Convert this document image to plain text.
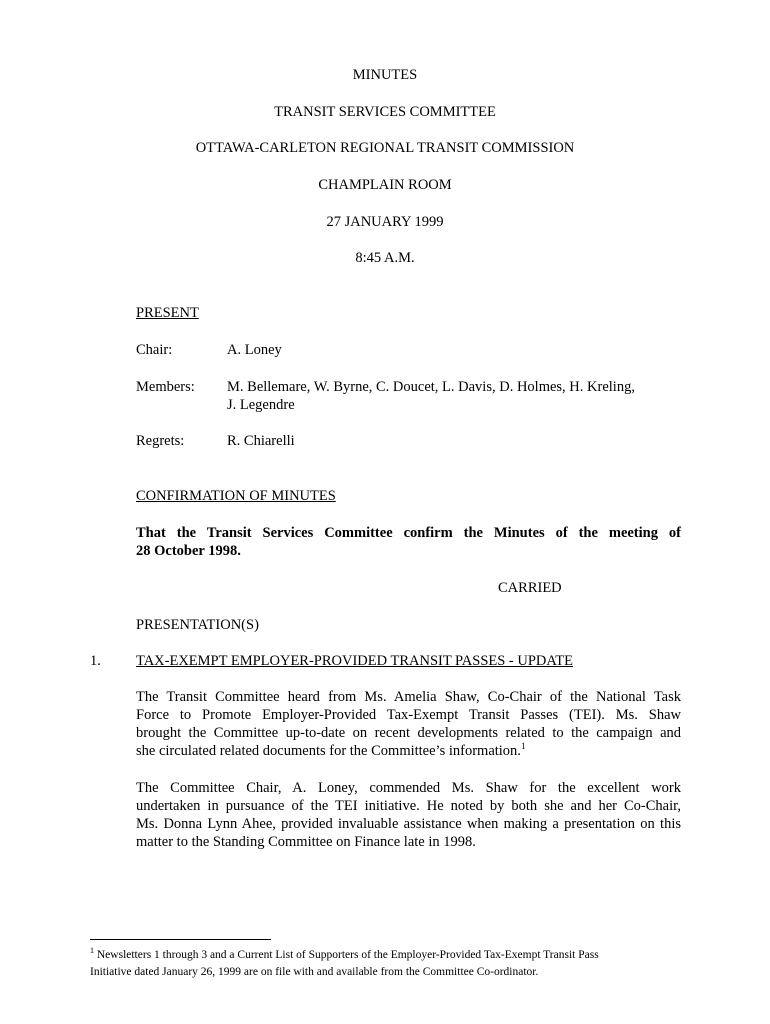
MINUTES
TRANSIT SERVICES COMMITTEE
OTTAWA-CARLETON REGIONAL TRANSIT COMMISSION
CHAMPLAIN ROOM
27 JANUARY 1999
8:45 A.M.
PRESENT
Chair:	A. Loney
Members: M. Bellemare, W. Byrne, C. Doucet, L. Davis, D. Holmes, H. Kreling,
J. Legendre
Regrets:	R. Chiarelli
CONFIRMATION OF MINUTES
That the Transit Services Committee confirm the Minutes of the meeting of
28 October 1998.
CARRIED
PRESENTATION(S)
1. TAX-EXEMPT EMPLOYER-PROVIDED TRANSIT PASSES - UPDATE
The Transit Committee heard from Ms. Amelia Shaw, Co-Chair of the National Task
Force to Promote Employer-Provided Tax-Exempt Transit Passes (TEI). Ms. Shaw
brought the Committee up-to-date on recent developments related to the campaign and
she circulated related documents for the Committee’s information.$^1$
The Committee Chair, A. Loney, commended Ms. Shaw for the excellent work
undertaken in pursuance of the TEI initiative. He noted by both she and her Co-Chair,
Ms. Donna Lynn Ahee, provided invaluable assistance when making a presentation on this
matter to the Standing Committee on Finance late in 1998.
$^1$ Newsletters 1 through 3 and a Current List of Supporters of the Employer-Provided Tax-Exempt Transit Pass
Initiative dated January 26, 1999 are on file with and available from the Committee Co-ordinator.
